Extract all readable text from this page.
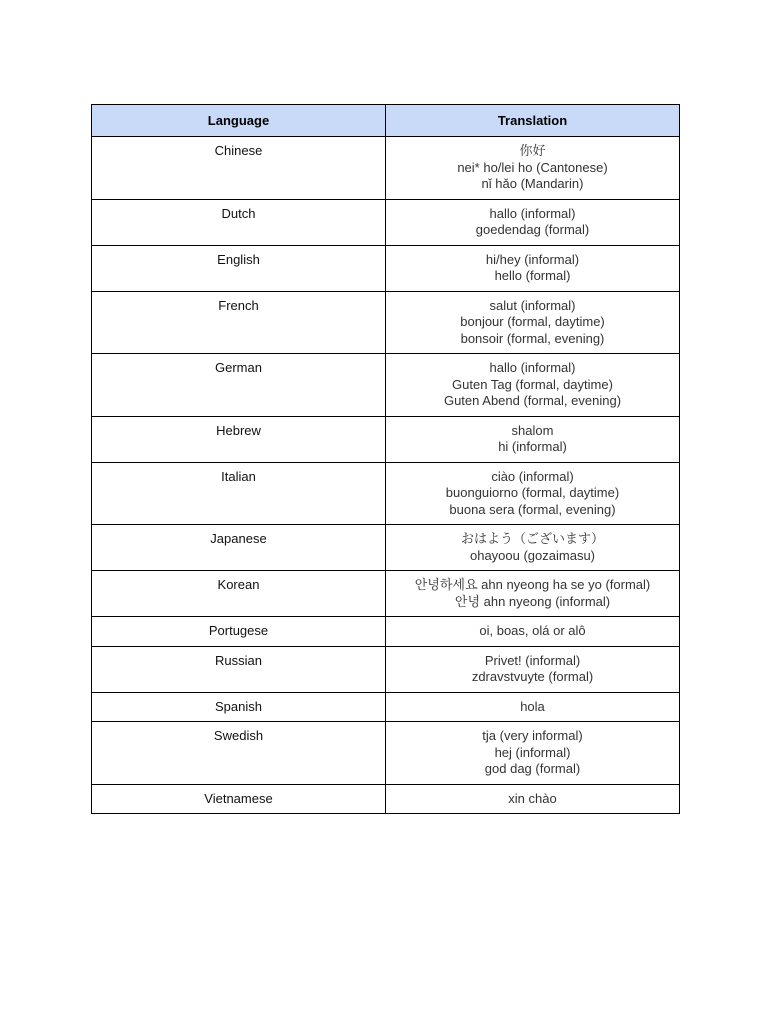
Language	Translation
Chinese	你好
nei* ho/lei ho (Cantonese)
nǐ hǎo (Mandarin)

Dutch	hallo (informal)
goedendag (formal)

English	hi/hey (informal)
hello (formal)

French	salut (informal)
bonjour (formal, daytime)
bonsoir (formal, evening)

German	hallo (informal)
Guten Tag (formal, daytime)
Guten Abend (formal, evening)

Hebrew	shalom
hi (informal)

Italian	ciào (informal)
buonguiorno (formal, daytime)
buona sera (formal, evening)

Japanese	おはよう（ございます）
ohayoou (gozaimasu)

Korean	안녕하세요 ahn nyeong ha se yo (formal)
안녕 ahn nyeong (informal)

Portugese	oi, boas, olá or alô

Russian	Privet! (informal)
zdravstvuyte (formal)

Spanish	hola

Swedish	tja (very informal)
hej (informal)
god dag (formal)

Vietnamese	xin chào
